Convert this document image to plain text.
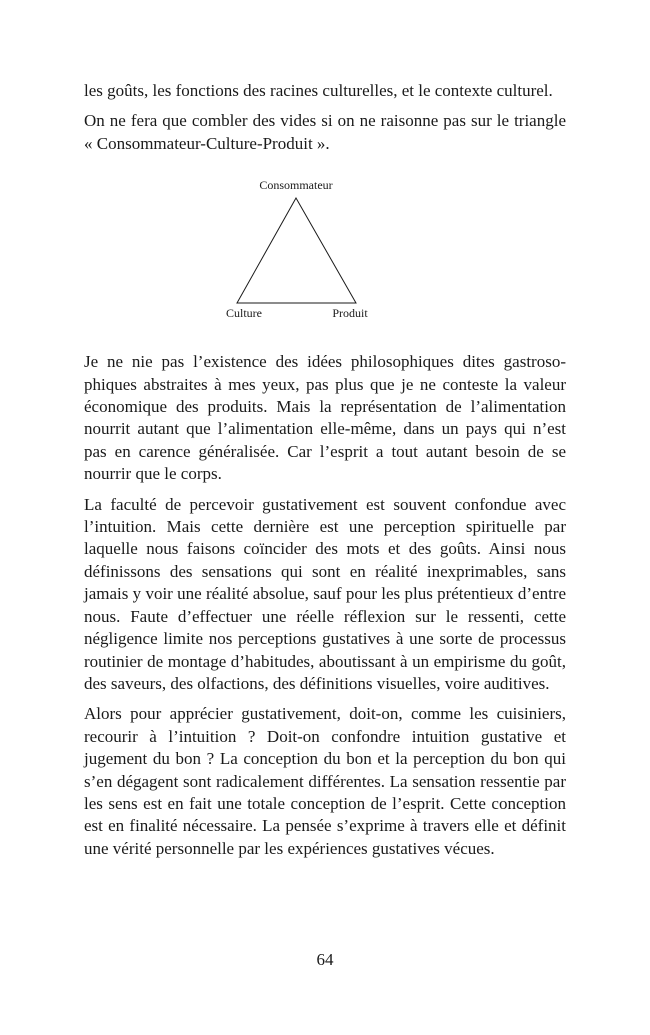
les goûts, les fonctions des racines culturelles, et le contexte culturel.

On ne fera que combler des vides si on ne raisonne pas sur le triangle « Consommateur-Culture-Produit ».

Consommateur
Culture	Produit

Je ne nie pas l’existence des idées philosophiques dites gastrosophiques abstraites à mes yeux, pas plus que je ne conteste la valeur économique des produits. Mais la représentation de l’alimentation nourrit autant que l’alimentation elle-même, dans un pays qui n’est pas en carence généralisée. Car l’esprit a tout autant besoin de se nourrir que le corps.

La faculté de percevoir gustativement est souvent confondue avec l’intuition. Mais cette dernière est une perception spirituelle par laquelle nous faisons coïncider des mots et des goûts. Ainsi nous définissons des sensations qui sont en réalité inexprimables, sans jamais y voir une réalité absolue, sauf pour les plus prétentieux d’entre nous. Faute d’effectuer une réelle réflexion sur le ressenti, cette négligence limite nos perceptions gustatives à une sorte de processus routinier de montage d’habitudes, aboutissant à un empirisme du goût, des saveurs, des olfactions, des définitions visuelles, voire auditives.

Alors pour apprécier gustativement, doit-on, comme les cuisiniers, recourir à l’intuition ? Doit-on confondre intuition gustative et jugement du bon ? La conception du bon et la perception du bon qui s’en dégagent sont radicalement différentes. La sensation ressentie par les sens est en fait une totale conception de l’esprit. Cette conception est en finalité nécessaire. La pensée s’exprime à travers elle et définit une vérité personnelle par les expériences gustatives vécues.

64
